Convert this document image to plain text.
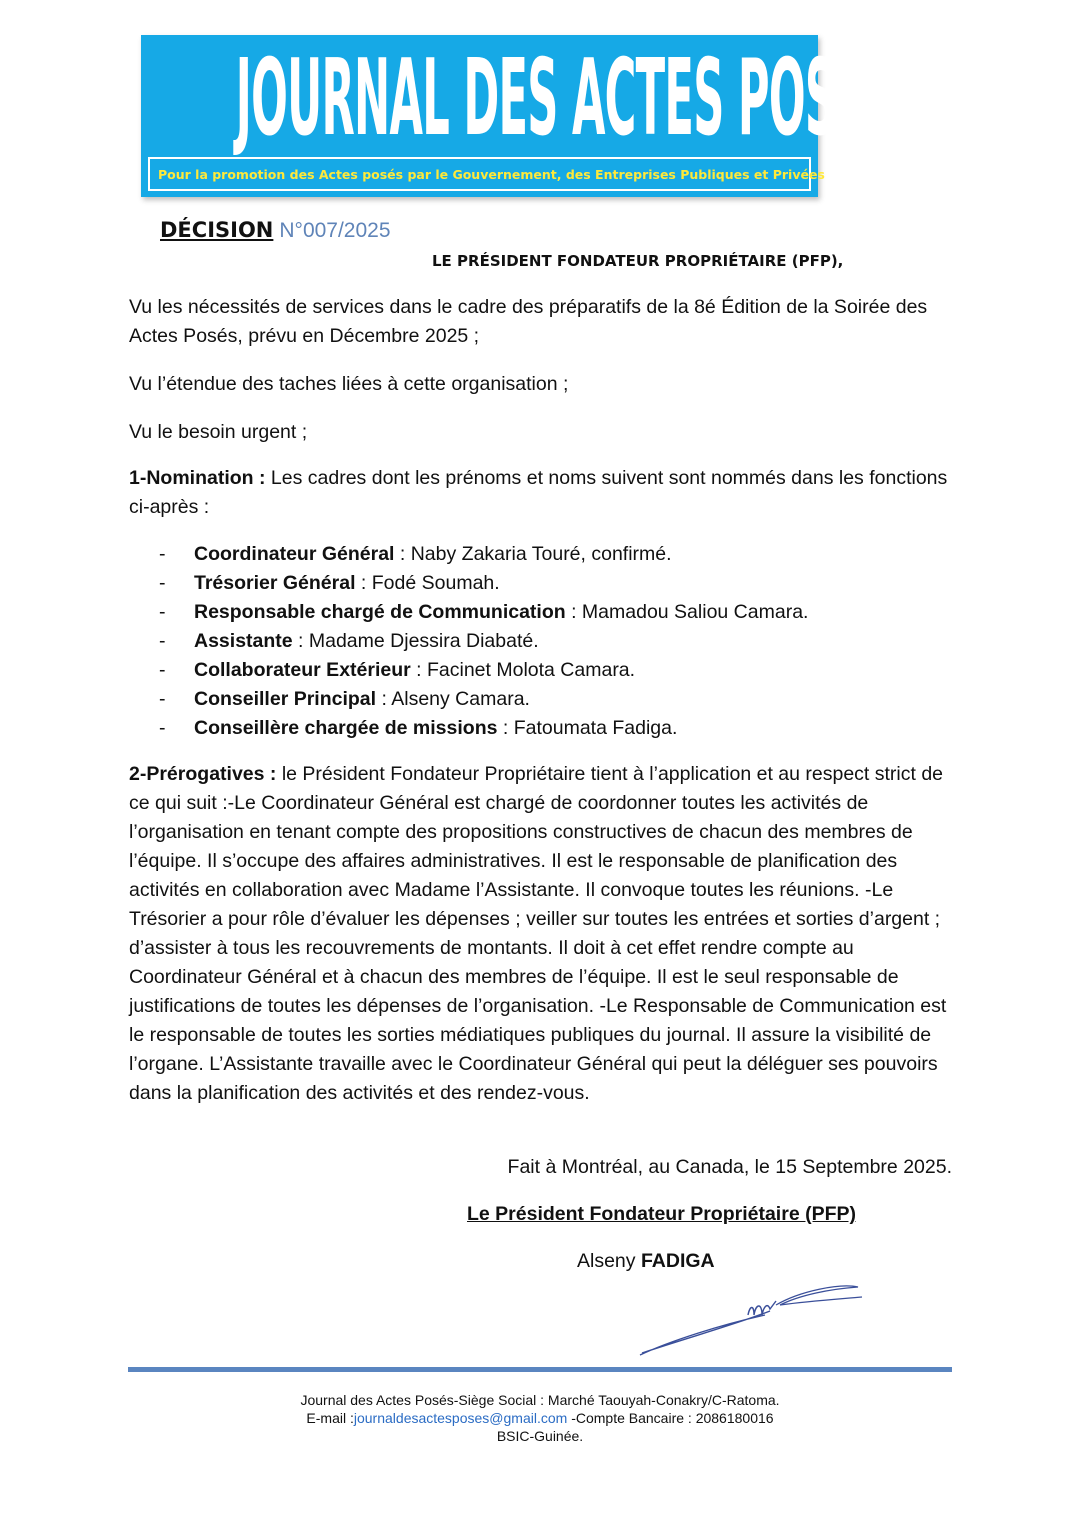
JOURNAL DES ACTES POSÉS
Pour la promotion des Actes posés par le Gouvernement, des Entreprises Publiques et Privées
DÉCISION N°007/2025
LE PRÉSIDENT FONDATEUR PROPRIÉTAIRE (PFP),

Vu les nécessités de services dans le cadre des préparatifs de la 8é Édition de la Soirée des Actes Posés, prévu en Décembre 2025 ;

Vu l’étendue des taches liées à cette organisation ;

Vu le besoin urgent ;

1-Nomination : Les cadres dont les prénoms et noms suivent sont nommés dans les fonctions ci-après :

- Coordinateur Général : Naby Zakaria Touré, confirmé.
- Trésorier Général : Fodé Soumah.
- Responsable chargé de Communication : Mamadou Saliou Camara.
- Assistante : Madame Djessira Diabaté.
- Collaborateur Extérieur : Facinet Molota Camara.
- Conseiller Principal : Alseny Camara.
- Conseillère chargée de missions : Fatoumata Fadiga.

2-Prérogatives : le Président Fondateur Propriétaire tient à l’application et au respect strict de ce qui suit :-Le Coordinateur Général est chargé de coordonner toutes les activités de l’organisation en tenant compte des propositions constructives de chacun des membres de l’équipe. Il s’occupe des affaires administratives. Il est le responsable de planification des activités en collaboration avec Madame l’Assistante. Il convoque toutes les réunions. -Le Trésorier a pour rôle d’évaluer les dépenses ; veiller sur toutes les entrées et sorties d’argent ; d’assister à tous les recouvrements de montants. Il doit à cet effet rendre compte au Coordinateur Général et à chacun des membres de l’équipe. Il est le seul responsable de justifications de toutes les dépenses de l’organisation. -Le Responsable de Communication est le responsable de toutes les sorties médiatiques publiques du journal. Il assure la visibilité de l’organe. L’Assistante travaille avec le Coordinateur Général qui peut la déléguer ses pouvoirs dans la planification des activités et des rendez-vous.

Fait à Montréal, au Canada, le 15 Septembre 2025.
Le Président Fondateur Propriétaire (PFP)
Alseny FADIGA
Journal des Actes Posés-Siège Social : Marché Taouyah-Conakry/C-Ratoma.
E-mail :journaldesactesposes@gmail.com -Compte Bancaire : 2086180016
BSIC-Guinée.
